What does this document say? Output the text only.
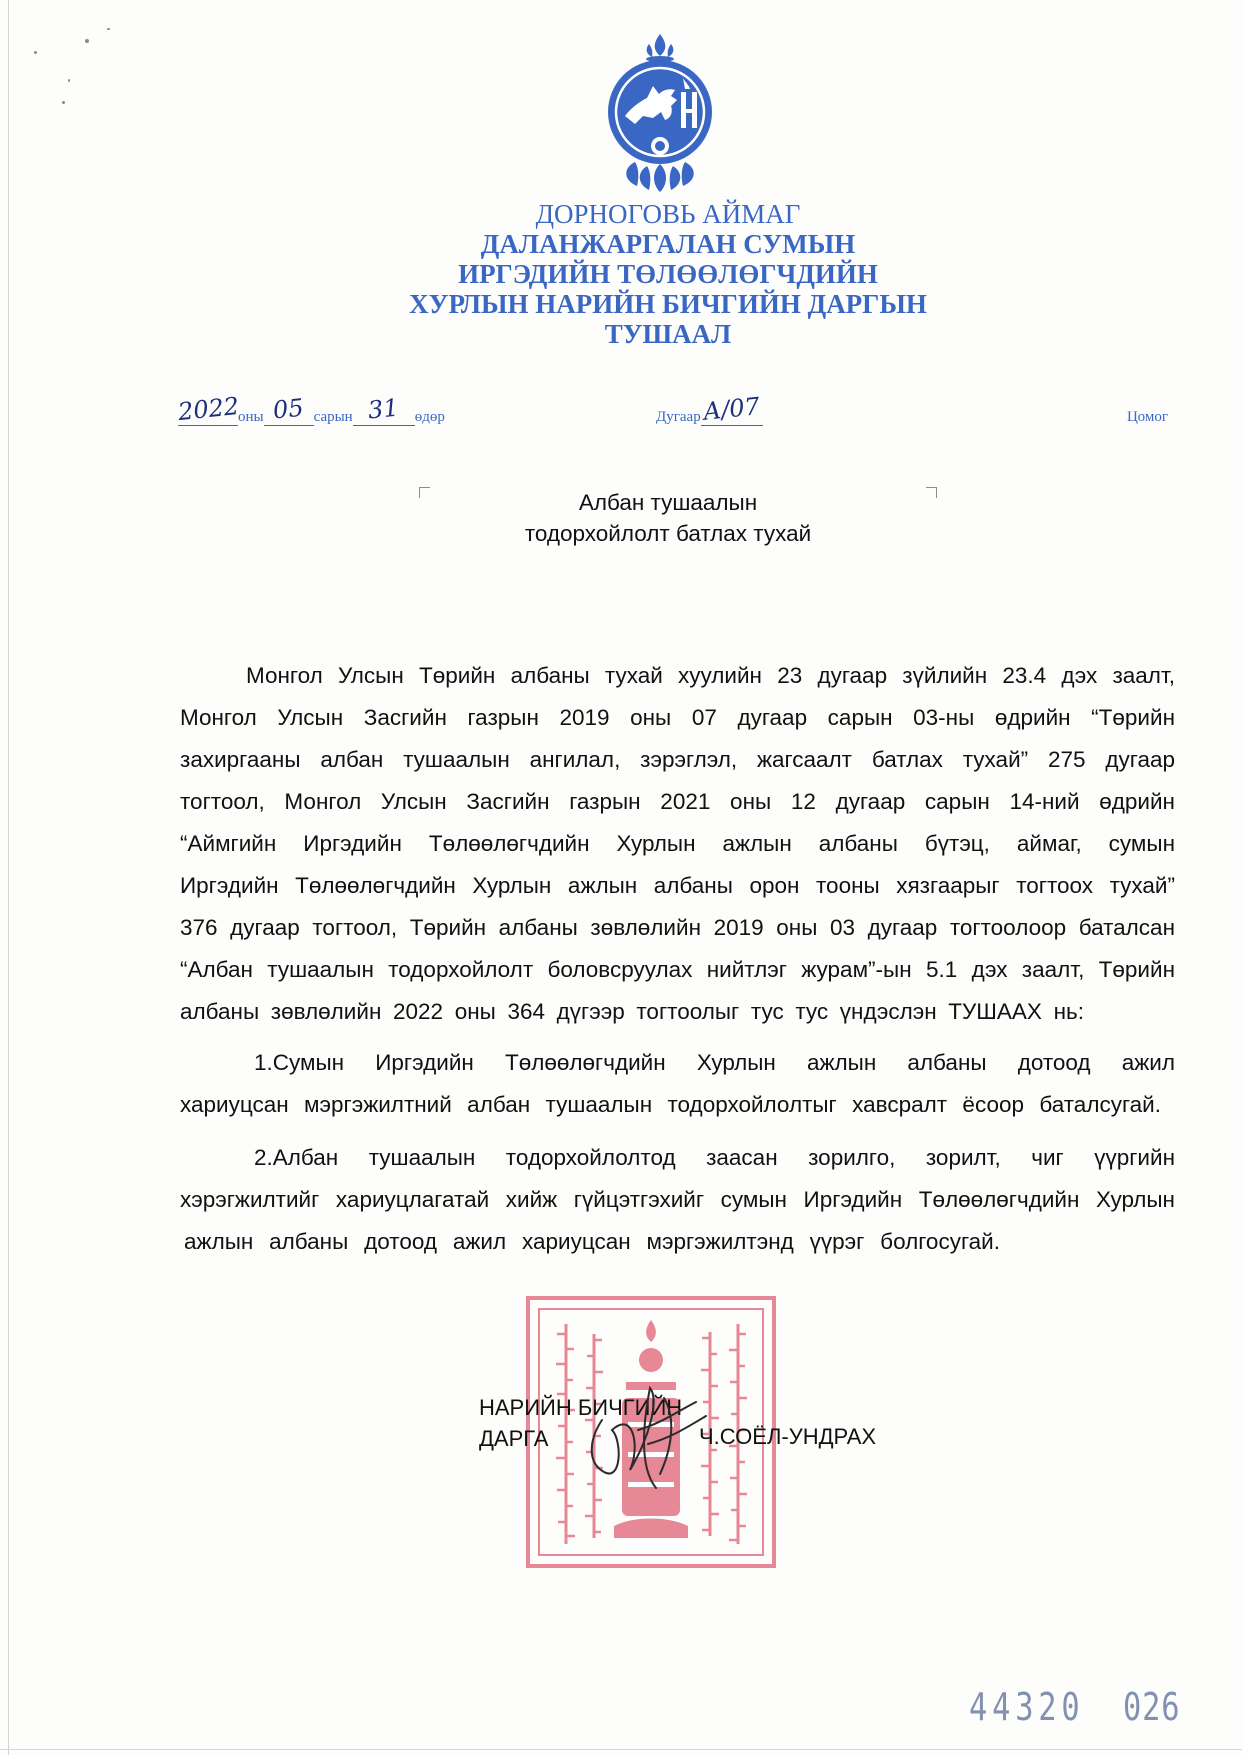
ДОРНОГОВЬ АЙМАГ
ДАЛАНЖАРГАЛАН СУМЫН
ИРГЭДИЙН ТӨЛӨӨЛӨГЧДИЙН
ХУРЛЫН НАРИЙН БИЧГИЙН ДАРГЫН
ТУШААЛ
2022
оны 05 сарын 31 өдөр	Дугаар А/07	Цомог
Албан тушаалын
тодорхойлолт батлах тухай
Монгол Улсын Төрийн албаны тухай хуулийн 23 дугаар зүйлийн 23.4 дэх заалт,
Монгол Улсын Засгийн газрын 2019 оны 07 дугаар сарын 03-ны өдрийн “Төрийн
захиргааны албан тушаалын ангилал, зэрэглэл, жагсаалт батлах тухай” 275 дугаар
тогтоол, Монгол Улсын Засгийн газрын 2021 оны 12 дугаар сарын 14-ний өдрийн
“Аймгийн Иргэдийн Төлөөлөгчдийн Хурлын ажлын албаны бүтэц, аймаг, сумын
Иргэдийн Төлөөлөгчдийн Хурлын ажлын албаны орон тооны хязгаарыг тогтоох тухай”
376 дугаар тогтоол, Төрийн албаны зөвлөлийн 2019 оны 03 дугаар тогтоолоор баталсан
“Албан тушаалын тодорхойлолт боловсруулах нийтлэг журам”-ын 5.1 дэх заалт, Төрийн
албаны зөвлөлийн 2022 оны 364 дүгээр тогтоолыг тус тус үндэслэн ТУШААХ нь:
1.Сумын Иргэдийн Төлөөлөгчдийн Хурлын ажлын албаны дотоод ажил
хариуцсан мэргэжилтний албан тушаалын тодорхойлолтыг хавсралт ёсоор баталсугай.
2.Албан тушаалын тодорхойлолтод заасан зорилго, зорилт, чиг үүргийн
хэрэгжилтийг хариуцлагатай хийж гүйцэтгэхийг сумын Иргэдийн Төлөөлөгчдийн Хурлын
ажлын албаны дотоод ажил хариуцсан мэргэжилтэнд үүрэг болгосугай.
НАРИЙН БИЧГИЙН
ДАРГА	Ч.СОЁЛ-УНДРАХ
44320 026
